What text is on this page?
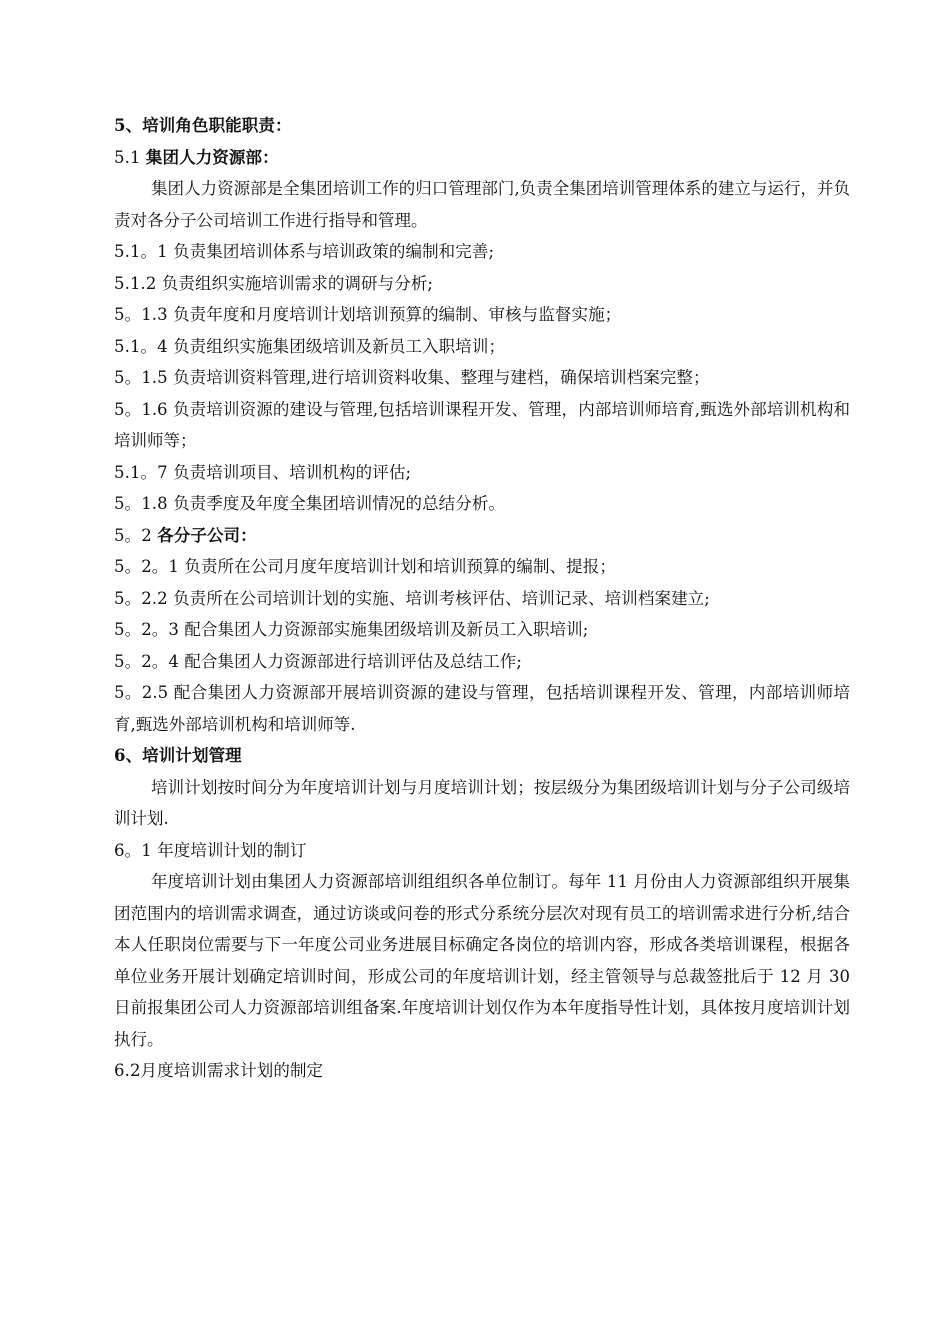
5、培训角色职能职责：
5.1 集团人力资源部：

集团人力资源部是全集团培训工作的归口管理部门,负责全集团培训管理体系的建立与运行，并负责对各分子公司培训工作进行指导和管理。

5.1。1 负责集团培训体系与培训政策的编制和完善;
5.1.2 负责组织实施培训需求的调研与分析;
5。1.3 负责年度和月度培训计划培训预算的编制、审核与监督实施；
5.1。4 负责组织实施集团级培训及新员工入职培训；
5。1.5 负责培训资料管理,进行培训资料收集、整理与建档，确保培训档案完整；

5。1.6 负责培训资源的建设与管理,包括培训课程开发、管理，内部培训师培育,甄选外部培训机构和培训师等；

5.1。7 负责培训项目、培训机构的评估;
5。1.8 负责季度及年度全集团培训情况的总结分析。
5。2 各分子公司：
5。2。1 负责所在公司月度年度培训计划和培训预算的编制、提报；
5。2.2 负责所在公司培训计划的实施、培训考核评估、培训记录、培训档案建立;
5。2。3 配合集团人力资源部实施集团级培训及新员工入职培训;
5。2。4 配合集团人力资源部进行培训评估及总结工作;

5。2.5 配合集团人力资源部开展培训资源的建设与管理，包括培训课程开发、管理，内部培训师培育,甄选外部培训机构和培训师等.

6、培训计划管理

培训计划按时间分为年度培训计划与月度培训计划；按层级分为集团级培训计划与分子公司级培训计划.

6。1 年度培训计划的制订

年度培训计划由集团人力资源部培训组组织各单位制订。每年 11 月份由人力资源部组织开展集团范围内的培训需求调查，通过访谈或问卷的形式分系统分层次对现有员工的培训需求进行分析,结合本人任职岗位需要与下一年度公司业务进展目标确定各岗位的培训内容，形成各类培训课程，根据各单位业务开展计划确定培训时间，形成公司的年度培训计划，经主管领导与总裁签批后于 12 月 30 日前报集团公司人力资源部培训组备案.年度培训计划仅作为本年度指导性计划，具体按月度培训计划执行。

6.2月度培训需求计划的制定
